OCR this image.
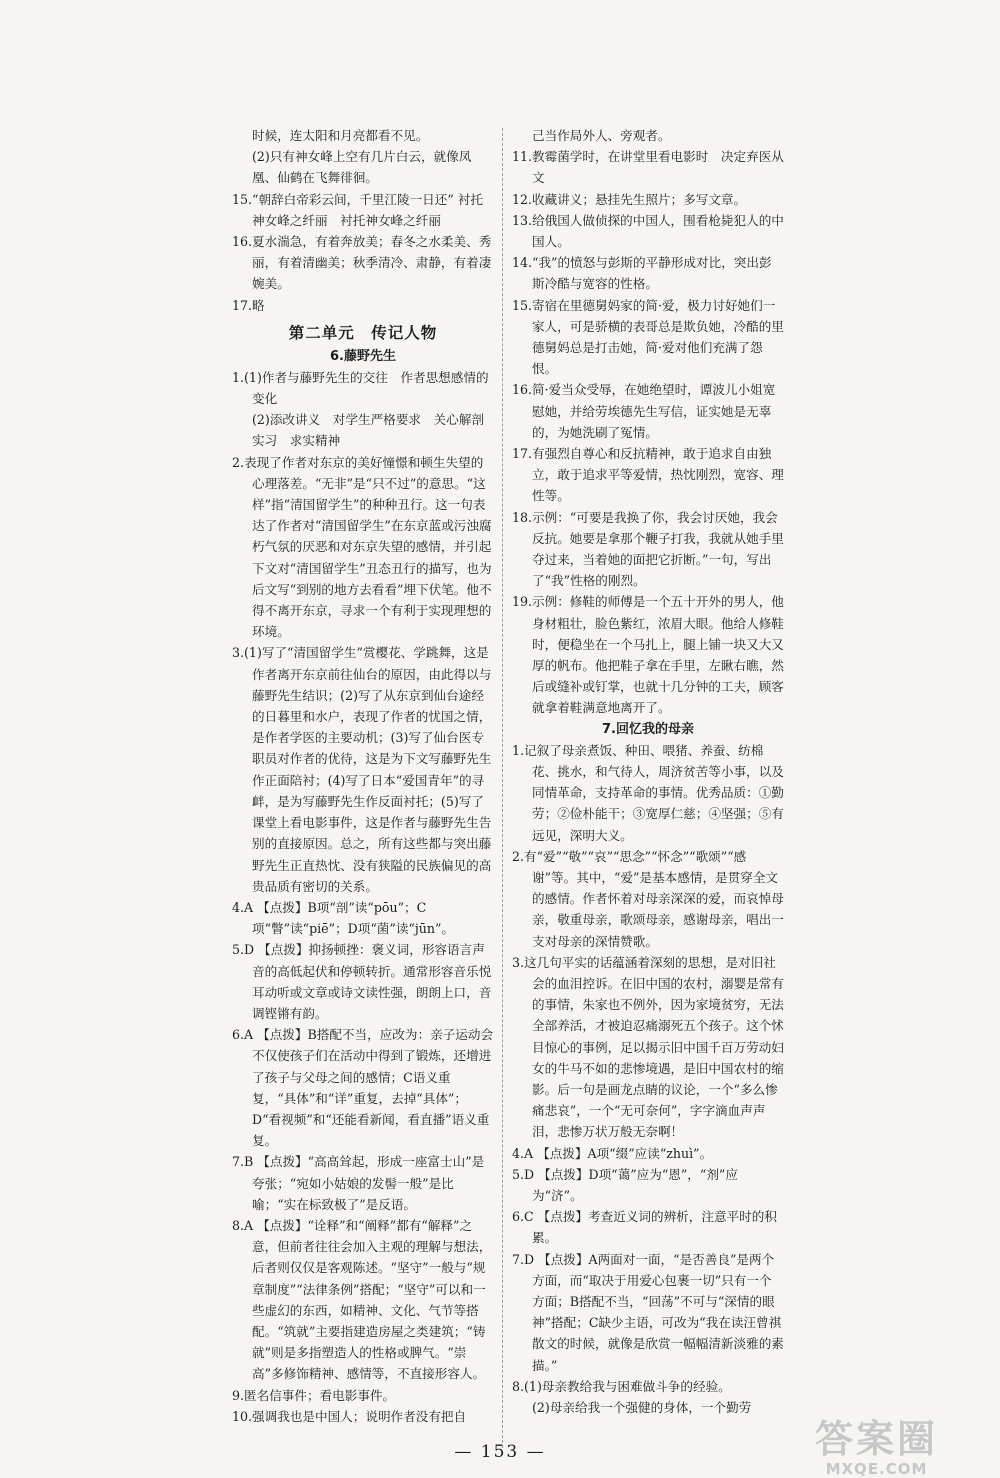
时候，连太阳和月亮都看不见。

(2)只有神女峰上空有几片白云，就像凤凰、仙鹤在飞舞徘徊。

15.“朝辞白帝彩云间，千里江陵一日还” 衬托神女峰之纤丽　衬托神女峰之纤丽

16.夏水湍急，有着奔放美；春冬之水柔美、秀丽，有着清幽美；秋季清冷、肃静，有着凄婉美。

17.略

第二单元　传记人物
6.藤野先生

1.(1)作者与藤野先生的交往　作者思想感情的变化

(2)添改讲义　对学生严格要求　关心解剖实习　求实精神

2.表现了作者对东京的美好憧憬和顿生失望的心理落差。“无非”是“只不过”的意思。“这样”指“清国留学生”的种种丑行。这一句表达了作者对“清国留学生”在东京蓝或污浊腐朽气氛的厌恶和对东京失望的感情，并引起下文对“清国留学生”丑态丑行的描写，也为后文写“到别的地方去看看”埋下伏笔。他不得不离开东京，寻求一个有利于实现理想的环境。

3.(1)写了“清国留学生”赏樱花、学跳舞，这是作者离开东京前往仙台的原因，由此得以与藤野先生结识；(2)写了从东京到仙台途经的日暮里和水户，表现了作者的忧国之情，是作者学医的主要动机；(3)写了仙台医专职员对作者的优待，这是为下文写藤野先生作正面陪衬；(4)写了日本“爱国青年”的寻衅，是为写藤野先生作反面衬托；(5)写了课堂上看电影事件，这是作者与藤野先生告别的直接原因。总之，所有这些都与突出藤野先生正直热忱、没有狭隘的民族偏见的高贵品质有密切的关系。

4.A 【点拨】B项“剖”读“pōu”；C项“瞥”读“piē”；D项“菌”读“jūn”。

5.D 【点拨】抑扬顿挫：褒义词，形容语言声音的高低起伏和停顿转折。通常形容音乐悦耳动听或文章或诗文读性强，朗朗上口，音调铿锵有韵。

6.A 【点拨】B搭配不当，应改为：亲子运动会不仅使孩子们在活动中得到了锻炼，还增进了孩子与父母之间的感情；C语义重复，“具体”和“详”重复，去掉“具体”；D“看视频”和“还能看新闻，看直播”语义重复。

7.B 【点拨】“高高耸起，形成一座富士山”是夸张；“宛如小姑娘的发髻一般”是比喻；“实在标致极了”是反语。

8.A 【点拨】“诠释”和“阐释”都有“解释”之意，但前者往往会加入主观的理解与想法，后者则仅仅是客观陈述。“坚守”一般与“规章制度”“法律条例”搭配；“坚守”可以和一些虚幻的东西，如精神、文化、气节等搭配。“筑就”主要指建造房屋之类建筑；“铸就”则是多指塑造人的性格或脾气。“崇高”多修饰精神、感情等，不直接形容人。

9.匿名信事件；看电影事件。

10.强调我也是中国人；说明作者没有把自

己当作局外人、旁观者。

11.教霉菌学时，在讲堂里看电影时　决定弃医从文

12.收藏讲义；悬挂先生照片；多写文章。

13.给俄国人做侦探的中国人，围看枪毙犯人的中国人。

14.“我”的愤怒与彭斯的平静形成对比，突出彭斯冷酷与宽容的性格。

15.寄宿在里德舅妈家的简·爱，极力讨好她们一家人，可是骄横的表哥总是欺负她，冷酷的里德舅妈总是打击她，简·爱对他们充满了怨恨。

16.简·爱当众受辱，在她绝望时，谭波儿小姐宽慰她，并给劳埃德先生写信，证实她是无辜的，为她洗刷了冤情。

17.有强烈自尊心和反抗精神，敢于追求自由独立，敢于追求平等爱情，热忱刚烈，宽容、理性等。

18.示例：“可要是我换了你，我会讨厌她，我会反抗。她要是拿那个鞭子打我，我就从她手里夺过来，当着她的面把它折断。”一句，写出了“我”性格的刚烈。

19.示例：修鞋的师傅是一个五十开外的男人，他身材粗壮，脸色紫红，浓眉大眼。他给人修鞋时，便稳坐在一个马扎上，腿上铺一块又大又厚的帆布。他把鞋子拿在手里，左瞅右瞧，然后或缝补或钉掌，也就十几分钟的工夫，顾客就拿着鞋满意地离开了。

7.回忆我的母亲

1.记叙了母亲煮饭、种田、喂猪、养蚕、纺棉花、挑水，和气待人，周济贫苦等小事，以及同情革命，支持革命的事情。优秀品质：①勤劳；②俭朴能干；③宽厚仁慈；④坚强；⑤有远见，深明大义。

2.有“爱”“敬”“哀”“思念”“怀念”“歌颂”“感谢”等。其中，“爱”是基本感情，是贯穿全文的感情。作者怀着对母亲深深的爱，而哀悼母亲，敬重母亲，歌颂母亲，感谢母亲，唱出一支对母亲的深情赞歌。

3.这几句平实的话蕴涵着深刻的思想，是对旧社会的血泪控诉。在旧中国的农村，溺婴是常有的事情，朱家也不例外，因为家境贫穷，无法全部养活，才被迫忍痛溺死五个孩子。这个怵目惊心的事例，足以揭示旧中国千百万劳动妇女的牛马不如的悲惨境遇，是旧中国农村的缩影。后一句是画龙点睛的议论，一个“多么惨痛悲哀”，一个“无可奈何”，字字滴血声声泪，悲惨万状万般无奈啊！

4.A 【点拨】A项“缀”应读“zhuì”。

5.D 【点拨】D项“蔼”应为“恩”，“剂”应为“济”。

6.C 【点拨】考查近义词的辨析，注意平时的积累。

7.D 【点拨】A两面对一面，“是否善良”是两个方面，而“取决于用爱心包裹一切”只有一个方面；B搭配不当，“回荡”不可与“深情的眼神”搭配；C缺少主语，可改为“我在读汪曾祺散文的时候，就像是欣赏一幅幅清新淡雅的素描。”

8.(1)母亲教给我与困难做斗争的经验。

(2)母亲给我一个强健的身体，一个勤劳

— 153 —	答案圈
MXQE.COM
